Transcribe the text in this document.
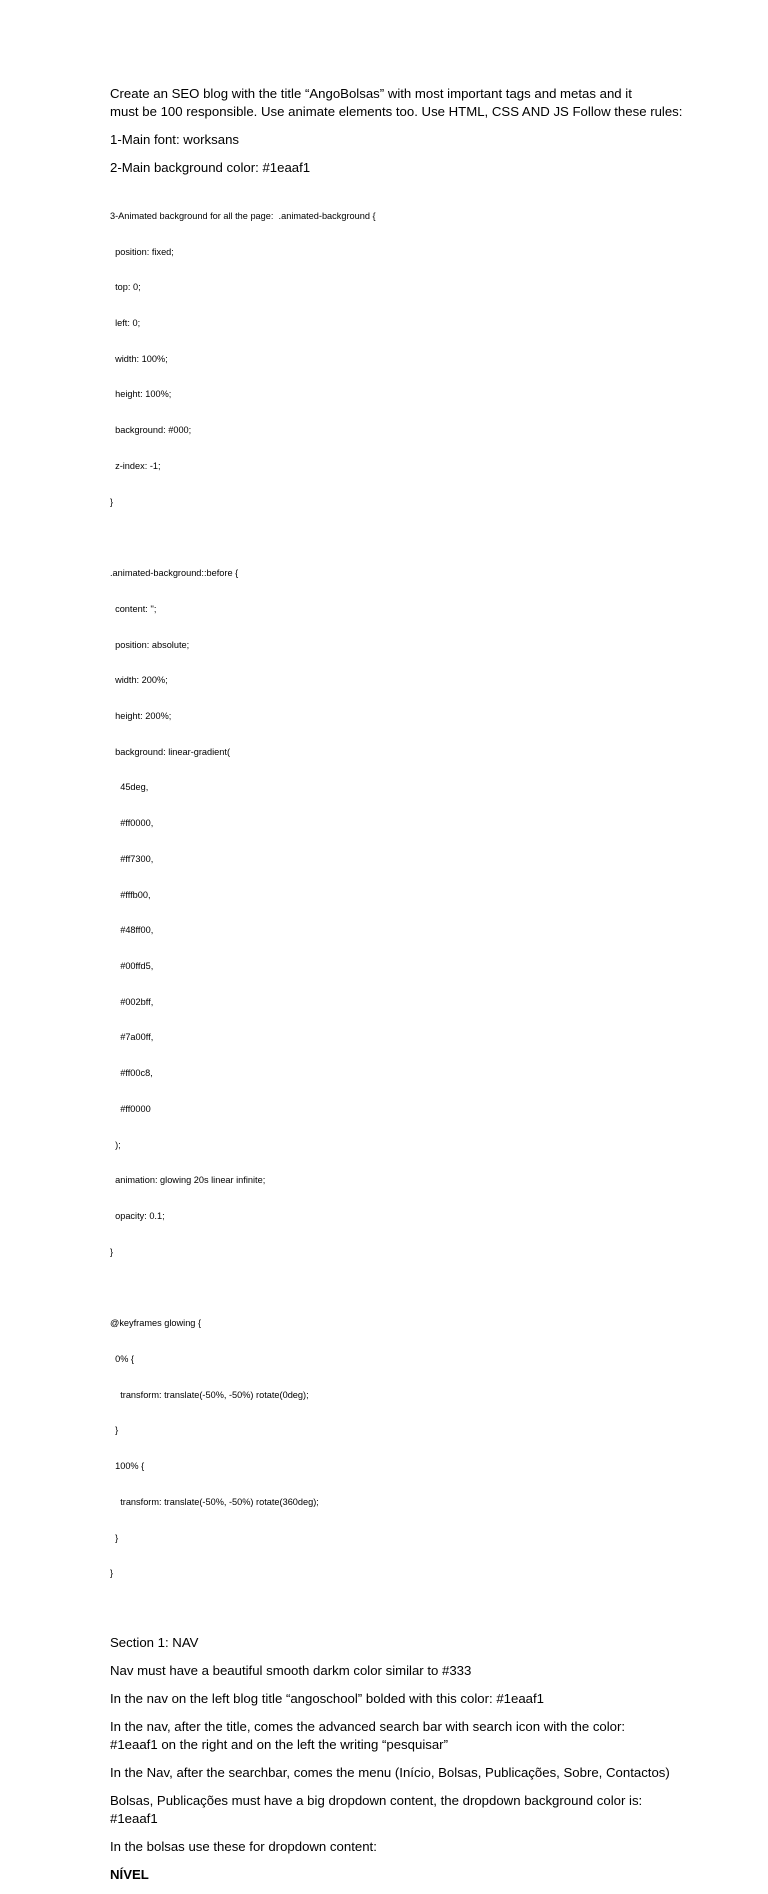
Create an SEO blog with the title “AngoBolsas” with most important tags and metas and it
must be 100 responsible. Use animate elements too. Use HTML, CSS AND JS Follow these rules:

1-Main font: worksans

2-Main background color: #1eaaf1

3-Animated background for all the page:  .animated-background {

position: fixed;

top: 0;

left: 0;

width: 100%;

height: 100%;

background: #000;

z-index: -1;

}

.animated-background::before {

content: '';

position: absolute;

width: 200%;

height: 200%;

background: linear-gradient(

45deg,

#ff0000,

#ff7300,

#fffb00,

#48ff00,

#00ffd5,

#002bff,

#7a00ff,

#ff00c8,

#ff0000

);

animation: glowing 20s linear infinite;

opacity: 0.1;

}

@keyframes glowing {

0% {

transform: translate(-50%, -50%) rotate(0deg);

}

100% {

transform: translate(-50%, -50%) rotate(360deg);

}

}

Section 1: NAV

Nav must have a beautiful smooth darkm color similar to #333

In the nav on the left blog title “angoschool” bolded with this color: #1eaaf1

In the nav, after the title, comes the advanced search bar with search icon with the color:
#1eaaf1 on the right and on the left the writing “pesquisar”

In the Nav, after the searchbar, comes the menu (Início, Bolsas, Publicações, Sobre, Contactos)

Bolsas, Publicações must have a big dropdown content, the dropdown background color is:
#1eaaf1

In the bolsas use these for dropdown content:

NÍVEL
